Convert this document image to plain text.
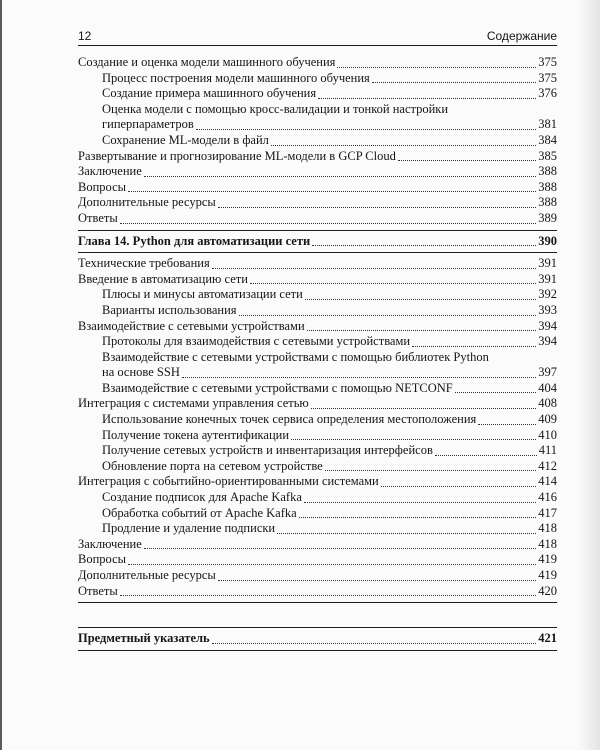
12	Содержание
Создание и оценка модели машинного обучения	375
Процесс построения модели машинного обучения	375
Создание примера машинного обучения	376
Оценка модели с помощью кросс-валидации и тонкой настройки
гиперпараметров	381
Сохранение ML-модели в файл	384
Развертывание и прогнозирование ML-модели в GCP Cloud	385
Заключение	388
Вопросы	388
Дополнительные ресурсы	388
Ответы	389
Глава 14. Python для автоматизации сети	390
Технические требования	391
Введение в автоматизацию сети	391
Плюсы и минусы автоматизации сети	392
Варианты использования	393
Взаимодействие с сетевыми устройствами	394
Протоколы для взаимодействия с сетевыми устройствами	394
Взаимодействие с сетевыми устройствами с помощью библиотек Python
на основе SSH	397
Взаимодействие с сетевыми устройствами с помощью NETCONF	404
Интеграция с системами управления сетью	408
Использование конечных точек сервиса определения местоположения	409
Получение токена аутентификации	410
Получение сетевых устройств и инвентаризация интерфейсов	411
Обновление порта на сетевом устройстве	412
Интеграция с событийно-ориентированными системами	414
Создание подписок для Apache Kafka	416
Обработка событий от Apache Kafka	417
Продление и удаление подписки	418
Заключение	418
Вопросы	419
Дополнительные ресурсы	419
Ответы	420
Предметный указатель	421
